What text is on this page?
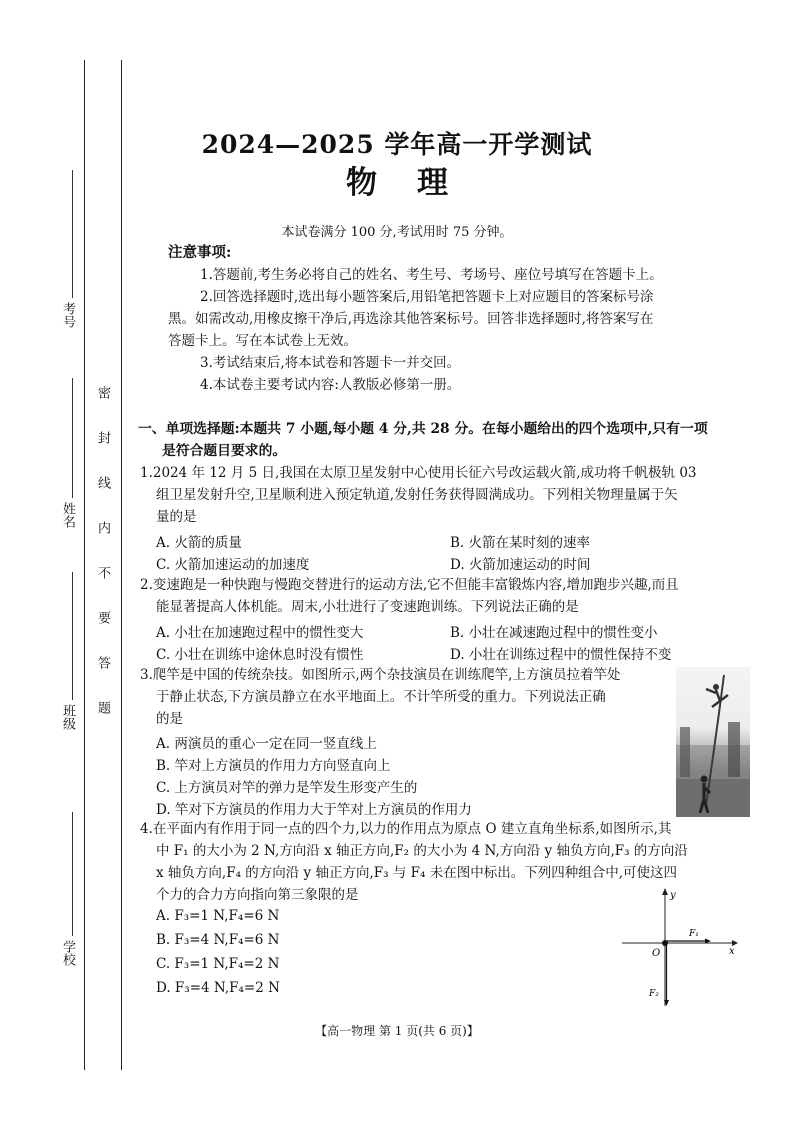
考号
姓名
班级
学校
密封线内不要答题
2024—2025 学年高一开学测试
物理
本试卷满分 100 分,考试用时 75 分钟。
注意事项:
1.答题前,考生务必将自己的姓名、考生号、考场号、座位号填写在答题卡上。
2.回答选择题时,选出每小题答案后,用铅笔把答题卡上对应题目的答案标号涂
黑。如需改动,用橡皮擦干净后,再选涂其他答案标号。回答非选择题时,将答案写在
答题卡上。写在本试卷上无效。
3.考试结束后,将本试卷和答题卡一并交回。
4.本试卷主要考试内容:人教版必修第一册。
一、单项选择题:本题共 7 小题,每小题 4 分,共 28 分。在每小题给出的四个选项中,只有一项
是符合题目要求的。
1.2024 年 12 月 5 日,我国在太原卫星发射中心使用长征六号改运载火箭,成功将千帆极轨 03
组卫星发射升空,卫星顺利进入预定轨道,发射任务获得圆满成功。下列相关物理量属于矢
量的是
A. 火箭的质量	B. 火箭在某时刻的速率
C. 火箭加速运动的加速度	D. 火箭加速运动的时间
2.变速跑是一种快跑与慢跑交替进行的运动方法,它不但能丰富锻炼内容,增加跑步兴趣,而且
能显著提高人体机能。周末,小壮进行了变速跑训练。下列说法正确的是
A. 小壮在加速跑过程中的惯性变大	B. 小壮在减速跑过程中的惯性变小
C. 小壮在训练中途休息时没有惯性	D. 小壮在训练过程中的惯性保持不变
3.爬竿是中国的传统杂技。如图所示,两个杂技演员在训练爬竿,上方演员拉着竿处
于静止状态,下方演员静立在水平地面上。不计竿所受的重力。下列说法正确
的是
A. 两演员的重心一定在同一竖直线上
B. 竿对上方演员的作用力方向竖直向上
C. 上方演员对竿的弹力是竿发生形变产生的
D. 竿对下方演员的作用力大于竿对上方演员的作用力
4.在平面内有作用于同一点的四个力,以力的作用点为原点 O 建立直角坐标系,如图所示,其
中 F₁ 的大小为 2 N,方向沿 x 轴正方向,F₂ 的大小为 4 N,方向沿 y 轴负方向,F₃ 的方向沿
x 轴负方向,F₄ 的方向沿 y 轴正方向,F₃ 与 F₄ 未在图中标出。下列四种组合中,可使这四
个力的合力方向指向第三象限的是
A. F₃=1 N,F₄=6 N
B. F₃=4 N,F₄=6 N
C. F₃=1 N,F₄=2 N
D. F₃=4 N,F₄=2 N
y
x
O
F₁
F₂
【高一物理 第 1 页(共 6 页)】
